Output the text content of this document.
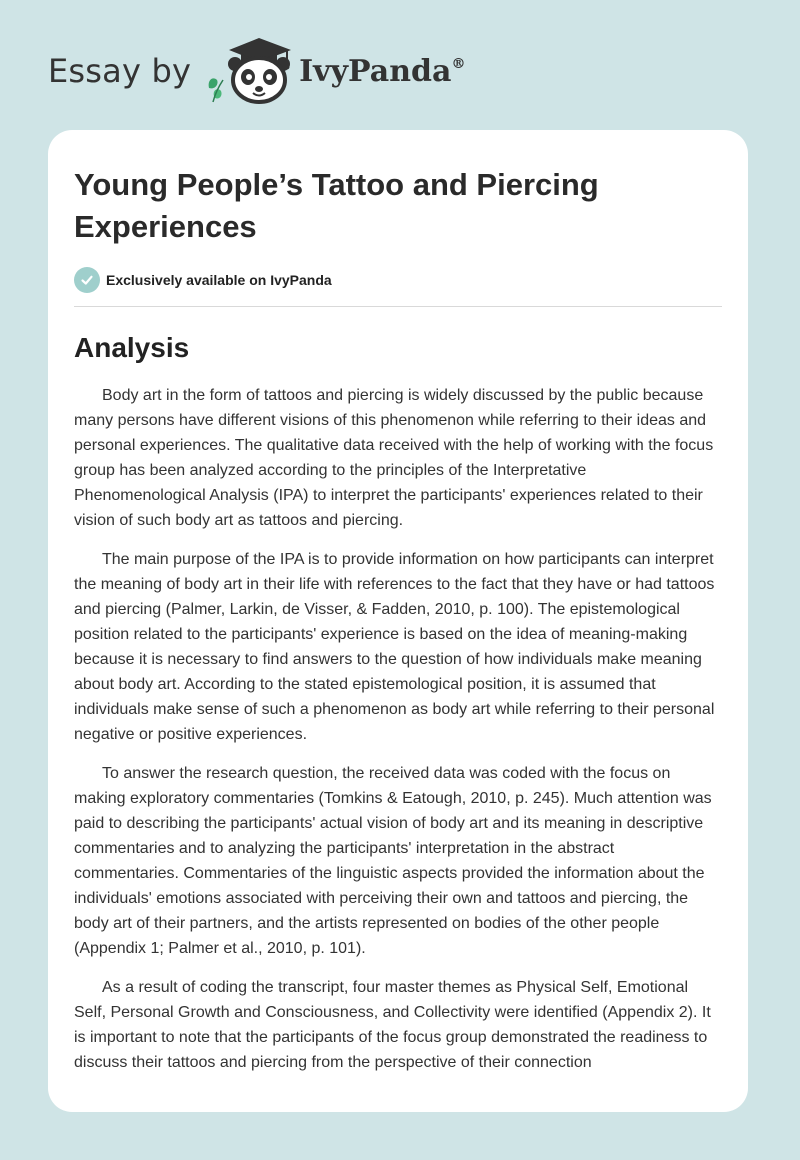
Essay by	IvyPanda®
Young People’s Tattoo and Piercing Experiences
Exclusively available on IvyPanda
Analysis

Body art in the form of tattoos and piercing is widely discussed by the public because many persons have different visions of this phenomenon while referring to their ideas and personal experiences. The qualitative data received with the help of working with the focus group has been analyzed according to the principles of the Interpretative Phenomenological Analysis (IPA) to interpret the participants' experiences related to their vision of such body art as tattoos and piercing.

The main purpose of the IPA is to provide information on how participants can interpret the meaning of body art in their life with references to the fact that they have or had tattoos and piercing (Palmer, Larkin, de Visser, & Fadden, 2010, p. 100). The epistemological position related to the participants' experience is based on the idea of meaning-making because it is necessary to find answers to the question of how individuals make meaning about body art. According to the stated epistemological position, it is assumed that individuals make sense of such a phenomenon as body art while referring to their personal negative or positive experiences.

To answer the research question, the received data was coded with the focus on making exploratory commentaries (Tomkins & Eatough, 2010, p. 245). Much attention was paid to describing the participants' actual vision of body art and its meaning in descriptive commentaries and to analyzing the participants' interpretation in the abstract commentaries. Commentaries of the linguistic aspects provided the information about the individuals' emotions associated with perceiving their own and tattoos and piercing, the body art of their partners, and the artists represented on bodies of the other people (Appendix 1; Palmer et al., 2010, p. 101).

As a result of coding the transcript, four master themes as Physical Self, Emotional Self, Personal Growth and Consciousness, and Collectivity were identified (Appendix 2). It is important to note that the participants of the focus group demonstrated the readiness to discuss their tattoos and piercing from the perspective of their connection
